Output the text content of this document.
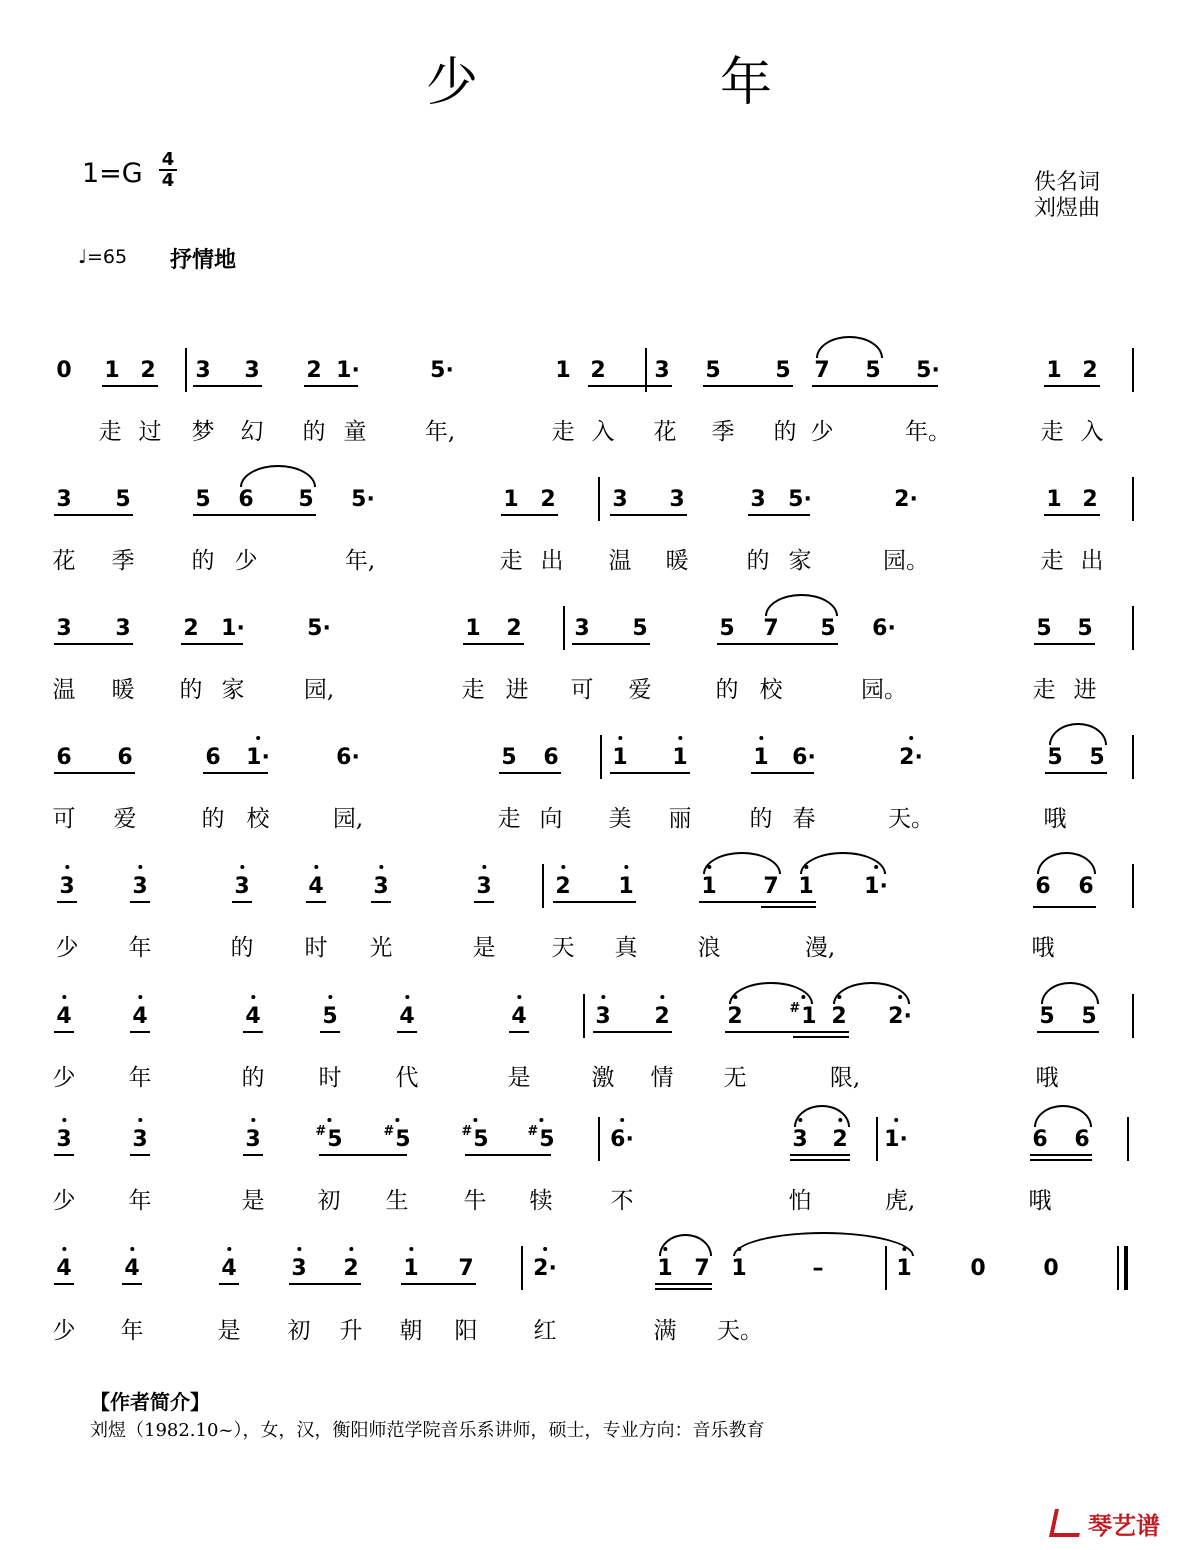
少	年
1=G 4
4	佚名词
刘煜曲
♩=65 抒情地
0 1 2 3 3 2 1·	5·	1 2 3 5 5 7 5 5·	1 2
走 过 梦 幻 的 童	年,	走 入 花 季 的 少	年。	走 入
3 5	5 6 5 5·	1 2	3 3	3 5·	2·	1 2
花 季 的 少	年,	走 出 温 暖	的 家	园。	走 出
3 3 2 1·	5·	1 2 3 5	5 7 5 6·	5 5
温 暖 的 家	园,	走 进 可 爱	的 校	园。	走 进
6 6	6 1·	6·	5 6 1 1	1 6·	2·	5 5
可 爱	的 校	园,	走 向 美 丽	的 春	天。	哦
3	3	3	4 3	3	2 1	1 7 1 1·	6 6
少 年	的 时 光	是 天 真	浪	漫,	哦
4	4	4	5	4	4	3 2	2	#1 2 2·	5 5
少 年	的 时 代	是	激 情 无	限,	哦
3	3	3	#5	#5	#5	#5	6·	3 2 1·	6 6
少 年	是 初 生 牛 犊	不	怕	虎,	哦
4 4	4 3 2 1 7	2·	1 7 1	–	1	0	0
少 年	是 初 升 朝 阳 红	满 天。
【作者简介】
刘煜（1982.10~），女，汉，衡阳师范学院音乐系讲师，硕士，专业方向：音乐教育
琴艺谱
